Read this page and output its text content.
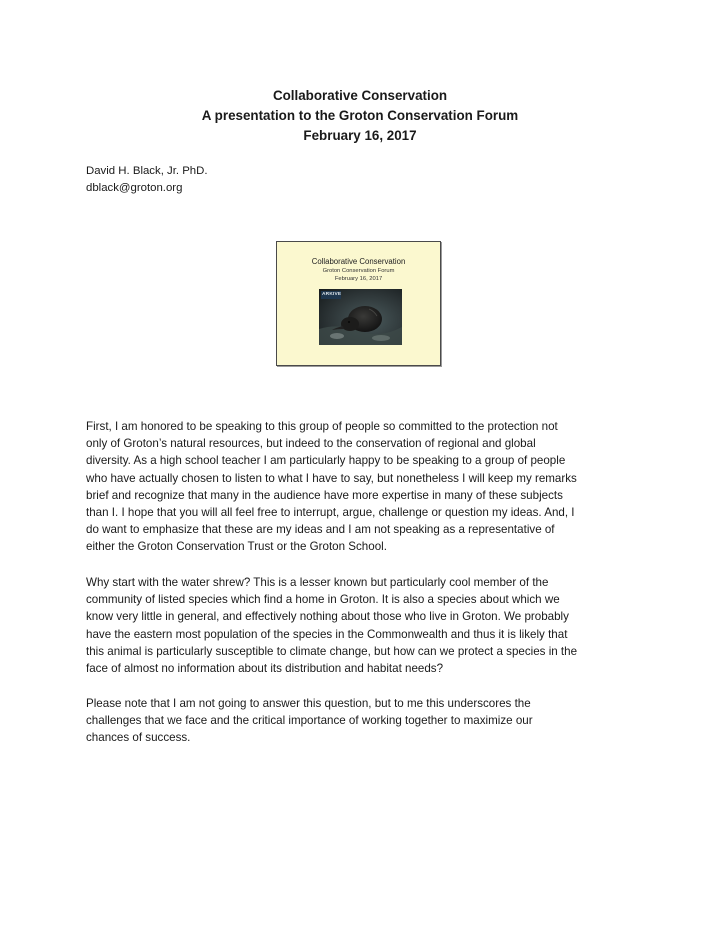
Collaborative Conservation
A presentation to the Groton Conservation Forum
February 16, 2017
David H. Black, Jr. PhD.
dblack@groton.org
Collaborative Conservation
Groton Conservation Forum
February 16, 2017
ARKIVE
First, I am honored to be speaking to this group of people so committed to the protection not
only of Groton’s natural resources, but indeed to the conservation of regional and global
diversity. As a high school teacher I am particularly happy to be speaking to a group of people
who have actually chosen to listen to what I have to say, but nonetheless I will keep my remarks
brief and recognize that many in the audience have more expertise in many of these subjects
than I. I hope that you will all feel free to interrupt, argue, challenge or question my ideas. And, I
do want to emphasize that these are my ideas and I am not speaking as a representative of
either the Groton Conservation Trust or the Groton School.
Why start with the water shrew? This is a lesser known but particularly cool member of the
community of listed species which find a home in Groton. It is also a species about which we
know very little in general, and effectively nothing about those who live in Groton. We probably
have the eastern most population of the species in the Commonwealth and thus it is likely that
this animal is particularly susceptible to climate change, but how can we protect a species in the
face of almost no information about its distribution and habitat needs?
Please note that I am not going to answer this question, but to me this underscores the
challenges that we face and the critical importance of working together to maximize our
chances of success.
